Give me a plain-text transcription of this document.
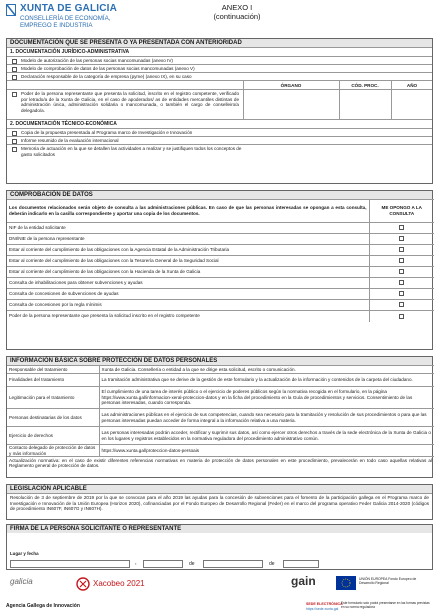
XUNTA DE GALICIA
CONSELLERÍA DE ECONOMÍA,
EMPREGO E INDUSTRIA
ANEXO I
(continuación)
DOCUMENTACIÓN QUE SE PRESENTA O YA PRESENTADA CON ANTERIORIDAD
1. DOCUMENTACIÓN JURÍDICO-ADMINISTRATIVA
Modelo de autorización de las personas socias mancomunadas (anexo IV)
Modelo de comprobación de datos de las personas socias mancomunadas (anexo V)
Declaración responsable de la categoría de empresa (pyme) (anexo IX), en su caso
ÓRGANO	CÓD. PROC.	AÑO
Poder de la persona representante que presenta la solicitud, inscrito en el registro competente, verificado por letrado/a de la Xunta de Galicia, en el caso de apoderados/ as de entidades mercantiles distintas de administración única, administración solidaria o mancomunada, o también el cargo de conselleiro/a delegado/a.
2. DOCUMENTACIÓN TÉCNICO-ECONÓMICA
Copia de la propuesta presentada al Programa marco de Investigación e Innovación
Informe resumido de la evaluación internacional
Memoria de actuación en la que se detallen las actividades a realizar y se justifiquen todos los conceptos de gasto solicitados
COMPROBACIÓN DE DATOS
Los documentos relacionados serán objeto de consulta a las administraciones públicas. En caso de que las personas interesadas se opongan a esta consulta, deberán indicarlo en la casilla correspondiente y aportar una copia de los documentos.	ME OPONGO A LA CONSULTA
NIF de la entidad solicitante	
DNI/NIE de la persona representante	
Estar al corriente del cumplimiento de las obligaciones con la Agencia Estatal de la Administración Tributaria	
Estar al corriente del cumplimiento de las obligaciones con la Tesorería General de la Seguridad Social	
Estar al corriente del cumplimiento de las obligaciones con la Hacienda de la Xunta de Galicia	
Consulta de inhabilitaciones para obtener subvenciones y ayudas	
Consulta de concesiones de subvenciones de ayudas	
Consulta de concesiones por la regla mínimis	
Poder de la persona representante que presenta la solicitud inscrito en el registro competente	
INFORMACIÓN BÁSICA SOBRE PROTECCIÓN DE DATOS PERSONALES
Responsable del tratamiento	Xunta de Galicia. Consellería o entidad a la que se dirige esta solicitud, escrito o comunicación.
Finalidades del tratamiento	La tramitación administrativa que se derive de la gestión de este formulario y la actualización de la información y contenidos de la carpeta del ciudadano.
Legitimación para el tratamiento	El cumplimiento de una tarea de interés público o el ejercicio de poderes públicos según la normativa recogida en el formulario, en la página https://www.xunta.gal/informacion-xeral-proteccion-datos y en la ficha del procedimiento en la Guía de procedimientos y servicios. Consentimiento de las personas interesadas, cuando corresponda.
Personas destinatarias de los datos	Las administraciones públicas en el ejercicio de sus competencias, cuando sea necesario para la tramitación y resolución de sus procedimientos o para que las personas interesadas puedan acceder de forma integral a la información relativa a una materia.
Ejercicio de derechos	Las personas interesadas podrán acceder, rectificar y suprimir sus datos, así como ejercer otros derechos a través de la sede electrónica de la Xunta de Galicia o en los lugares y registros establecidos en la normativa reguladora del procedimiento administrativo común.
Contacto delegado de protección de datos y más información	https://www.xunta.gal/proteccion-datos-persoais
Actualización normativa: en el caso de existir diferentes referencias normativas en materia de protección de datos personales en este procedimiento, prevalecerán en todo caso aquellas relativas al Reglamento general de protección de datos.	
LEGISLACIÓN APLICABLE
Resolución de 3 de septiembre de 2019 por la que se convocan para el año 2019 las ayudas para la concesión de subvenciones para el fomento de la participación gallega en el Programa marco de Investigación e Innovación de la Unión Europea (Horizon 2020), cofinanciadas por el Fondo Europeo de Desarrollo Regional (Feder) en el marco del programa operativo Feder Galicia 2014-2020 (códigos de procedimiento IN607F, IN607G y IN607H).
FIRMA DE LA PERSONA SOLICITANTE O REPRESENTANTE
Lugar y fecha
,	de	de
galicia	Xacobeo 2021	gain	UNIÓN EUROPEA Fondo Europeo de Desarrollo Regional
Agencia Gallega de Innovación	SEDE ELECTRÓNICA
Este formulario solo podrá presentarse en las formas previstas en su norma reguladora
https://sede.xunta.gal
